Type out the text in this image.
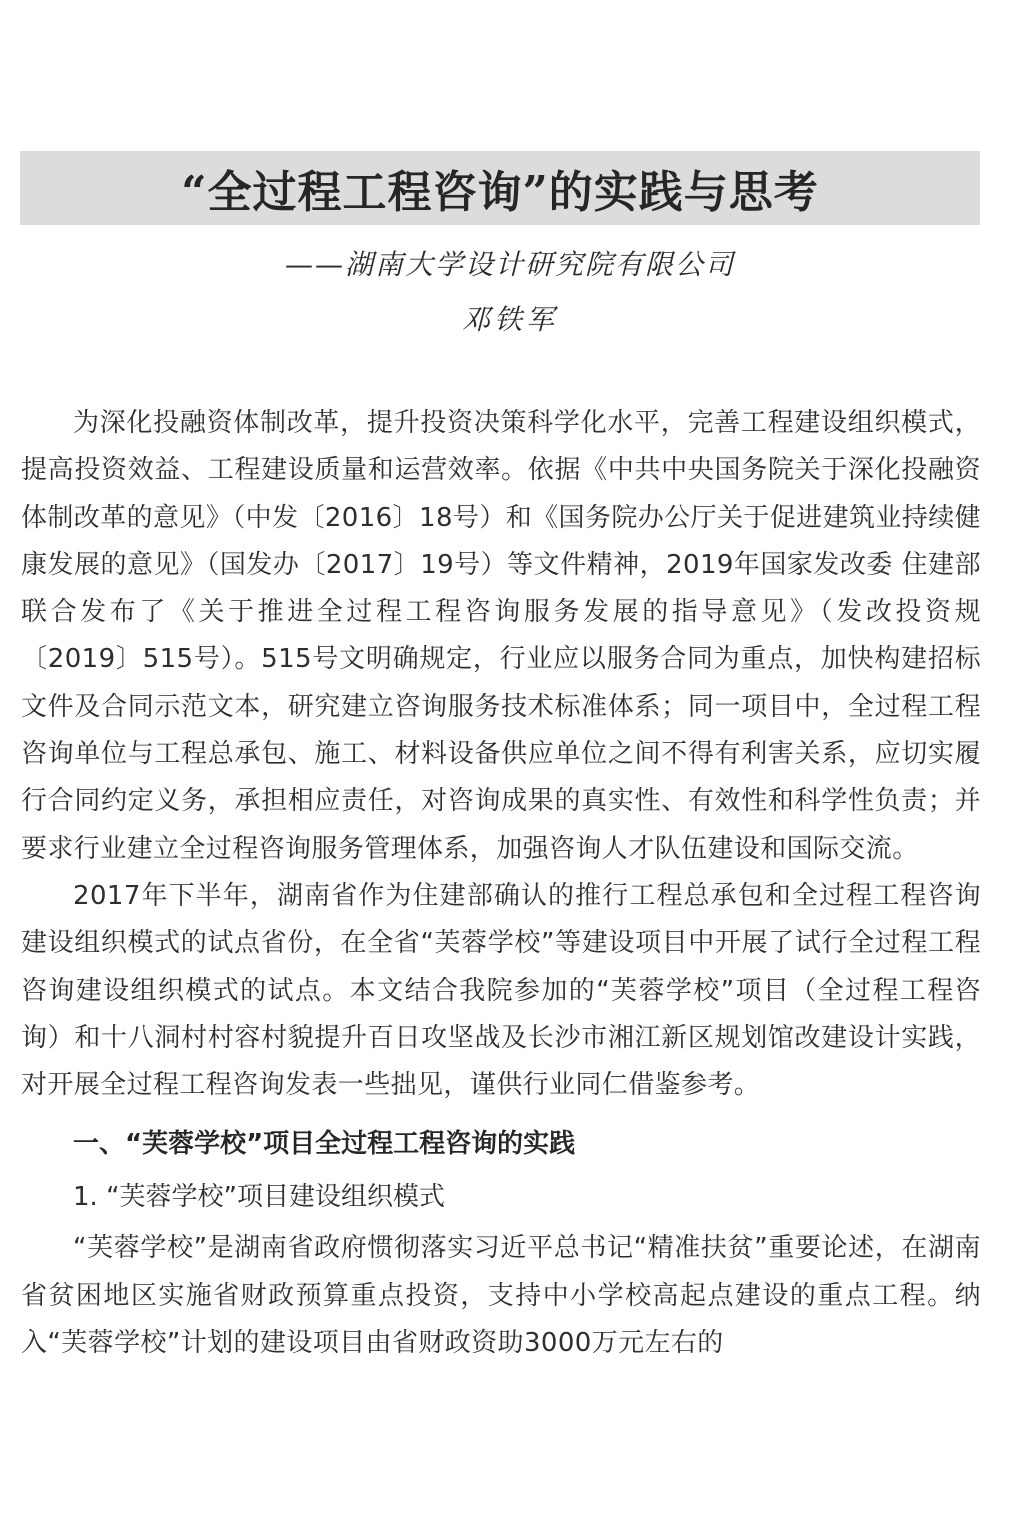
“全过程工程咨询”的实践与思考
——湖南大学设计研究院有限公司
邓铁军

为深化投融资体制改革，提升投资决策科学化水平，完善工程建设组织模式，提高投资效益、工程建设质量和运营效率。依据《中共中央国务院关于深化投融资体制改革的意见》（中发〔2016〕18号）和《国务院办公厅关于促进建筑业持续健康发展的意见》（国发办〔2017〕19号）等文件精神，2019年国家发改委 住建部联合发布了《关于推进全过程工程咨询服务发展的指导意见》（发改投资规〔2019〕515号）。515号文明确规定，行业应以服务合同为重点，加快构建招标文件及合同示范文本，研究建立咨询服务技术标准体系；同一项目中，全过程工程咨询单位与工程总承包、施工、材料设备供应单位之间不得有利害关系，应切实履行合同约定义务，承担相应责任，对咨询成果的真实性、有效性和科学性负责；并要求行业建立全过程咨询服务管理体系，加强咨询人才队伍建设和国际交流。

2017年下半年，湖南省作为住建部确认的推行工程总承包和全过程工程咨询建设组织模式的试点省份，在全省“芙蓉学校”等建设项目中开展了试行全过程工程咨询建设组织模式的试点。本文结合我院参加的“芙蓉学校”项目（全过程工程咨询）和十八洞村村容村貌提升百日攻坚战及长沙市湘江新区规划馆改建设计实践，对开展全过程工程咨询发表一些拙见，谨供行业同仁借鉴参考。

一、“芙蓉学校”项目全过程工程咨询的实践

1. “芙蓉学校”项目建设组织模式

“芙蓉学校”是湖南省政府惯彻落实习近平总书记“精准扶贫”重要论述，在湖南省贫困地区实施省财政预算重点投资，支持中小学校高起点建设的重点工程。纳入“芙蓉学校”计划的建设项目由省财政资助3000万元左右的
